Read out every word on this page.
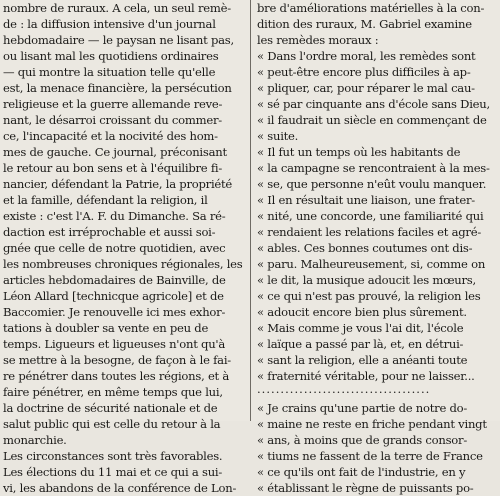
nombre de ruraux. A cela, un seul remè-
de : la diffusion intensive d'un journal
hebdomadaire — le paysan ne lisant pas,
ou lisant mal les quotidiens ordinaires
— qui montre la situation telle qu'elle
est, la menace financière, la persécution
religieuse et la guerre allemande reve-
nant, le désarroi croissant du commer-
ce, l'incapacité et la nocivité des hom-
mes de gauche. Ce journal, préconisant
le retour au bon sens et à l'équilibre fi-
nancier, défendant la Patrie, la propriété
et la famille, défendant la religion, il
existe : c'est l'A. F. du Dimanche. Sa ré-
daction est irréprochable et aussi soi-
gnée que celle de notre quotidien, avec
les nombreuses chroniques régionales, les
articles hebdomadaires de Bainville, de
Léon Allard [technicque agricole] et de
Baccomier. Je renouvelle ici mes exhor-
tations à doubler sa vente en peu de
temps. Ligueurs et ligueuses n'ont qu'à
se mettre à la besogne, de façon à le fai-
re pénétrer dans toutes les régions, et à
faire pénétrer, en même temps que lui,
la doctrine de sécurité nationale et de
salut public qui est celle du retour à la
monarchie.
Les circonstances sont très favorables.
Les élections du 11 mai et ce qui a sui-
vi, les abandons de la conférence de Lon-
bre d'améliorations matérielles à la con-
dition des ruraux, M. Gabriel examine
les remèdes moraux :
« Dans l'ordre moral, les remèdes sont
« peut-être encore plus difficiles à ap-
« pliquer, car, pour réparer le mal cau-
« sé par cinquante ans d'école sans Dieu,
« il faudrait un siècle en commençant de
« suite.
« Il fut un temps où les habitants de
« la campagne se rencontraient à la mes-
« se, que personne n'eût voulu manquer.
« Il en résultait une liaison, une frater-
« nité, une concorde, une familiarité qui
« rendaient les relations faciles et agré-
« ables. Ces bonnes coutumes ont dis-
« paru. Malheureusement, si, comme on
« le dit, la musique adoucit les mœurs,
« ce qui n'est pas prouvé, la religion les
« adoucit encore bien plus sûrement.
« Mais comme je vous l'ai dit, l'école
« laïque a passé par là, et, en détrui-
« sant la religion, elle a anéanti toute
« fraternité véritable, pour ne laisser...
·····································
« Je crains qu'une partie de notre do-
« maine ne reste en friche pendant vingt
« ans, à moins que de grands consor-
« tiums ne fassent de la terre de France
« ce qu'ils ont fait de l'industrie, en y
« établissant le règne de puissants po-
